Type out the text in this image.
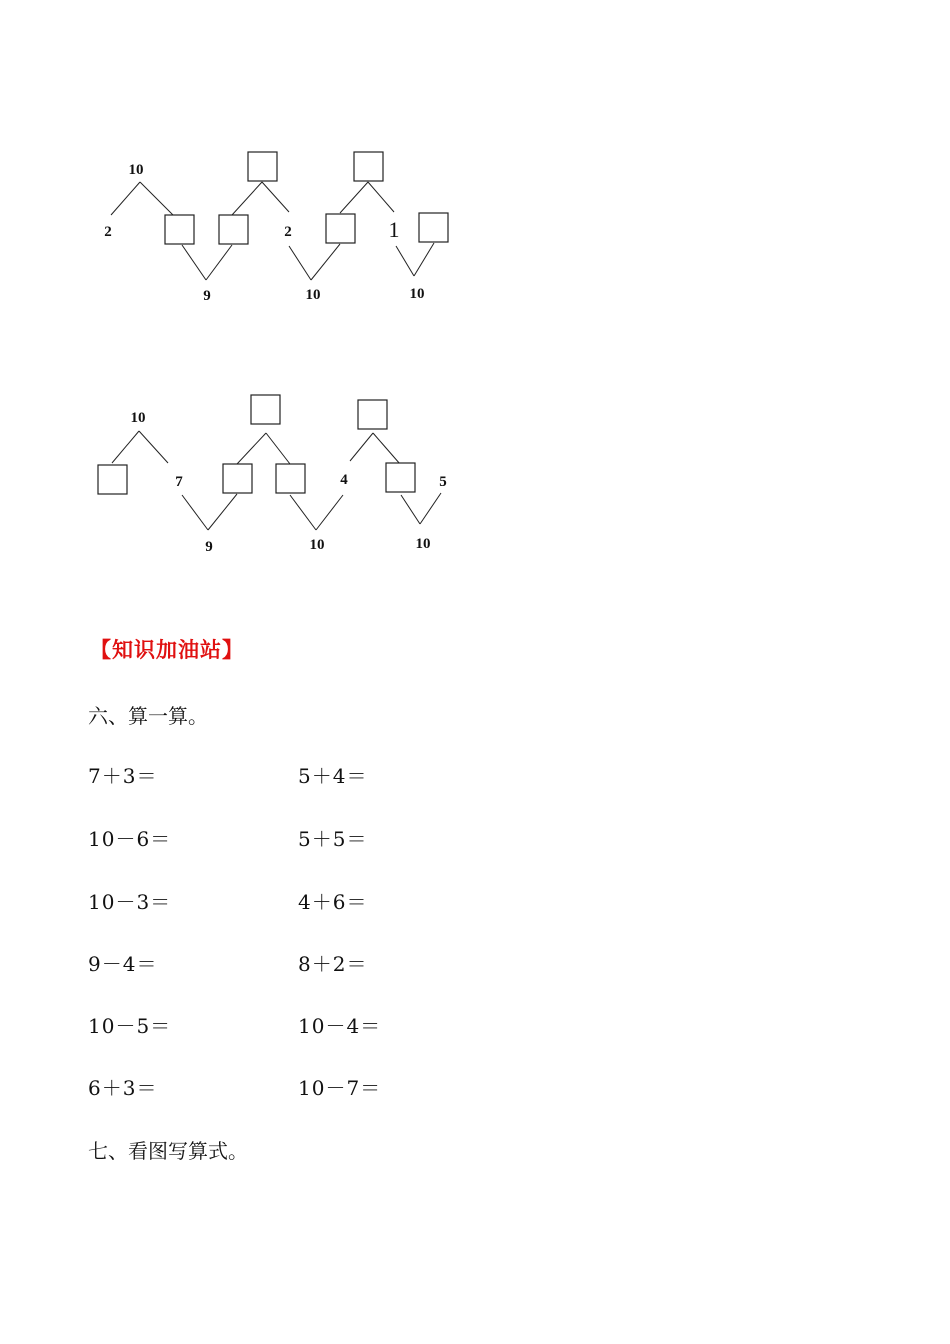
10
2	2	1
9	10	10
10
7	4	5
9	10	10
【知识加油站】
六、算一算。
7＋3＝	5＋4＝
10－6＝	5＋5＝
10－3＝	4＋6＝
9－4＝	8＋2＝
10－5＝	10－4＝
6＋3＝	10－7＝
七、看图写算式。
